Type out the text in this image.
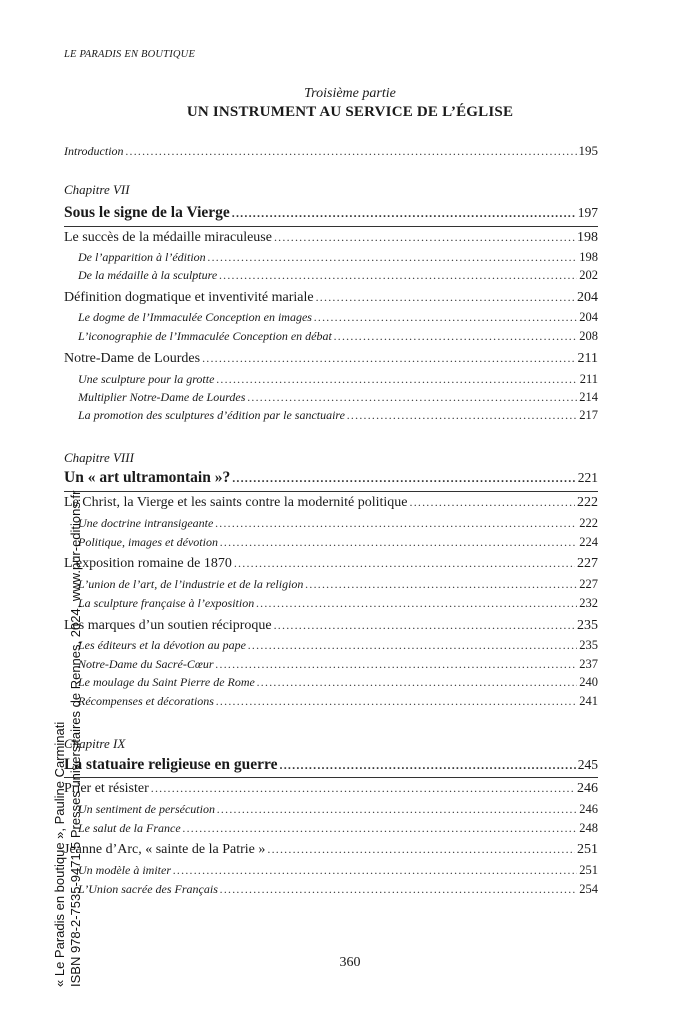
LE PARADIS EN BOUTIQUE
Troisième partie
UN INSTRUMENT AU SERVICE DE L’ÉGLISE
Introduction .....	195
Chapitre VII
Sous le signe de la Vierge .....	197
Le succès de la médaille miraculeuse .....	198
De l’apparition à l’édition .....	198
De la médaille à la sculpture .....	202
Définition dogmatique et inventivité mariale .....	204
Le dogme de l’Immaculée Conception en images .....	204
L’iconographie de l’Immaculée Conception en débat .....	208
Notre-Dame de Lourdes .....	211
Une sculpture pour la grotte .....	211
Multiplier Notre-Dame de Lourdes .....	214
La promotion des sculptures d’édition par le sanctuaire .....	217
Chapitre VIII
Un « art ultramontain »? .....	221
Le Christ, la Vierge et les saints contre la modernité politique .....	222
Une doctrine intransigeante .....	222
Politique, images et dévotion .....	224
L’exposition romaine de 1870 .....	227
L’union de l’art, de l’industrie et de la religion .....	227
La sculpture française à l’exposition .....	232
Les marques d’un soutien réciproque .....	235
Les éditeurs et la dévotion au pape .....	235
Notre-Dame du Sacré-Cœur .....	237
Le moulage du Saint Pierre de Rome .....	240
Récompenses et décorations .....	241
Chapitre IX
La statuaire religieuse en guerre .....	245
Prier et résister .....	246
Un sentiment de persécution .....	246
Le salut de la France .....	248
Jeanne d’Arc, « sainte de la Patrie » .....	251
Un modèle à imiter .....	251
L’Union sacrée des Français .....	254
« Le Paradis en boutique », Pauline Carminati ISBN 978-2-7535-9471-5 Presses universitaires de Rennes, 2024, www.pur-editions.fr	360
